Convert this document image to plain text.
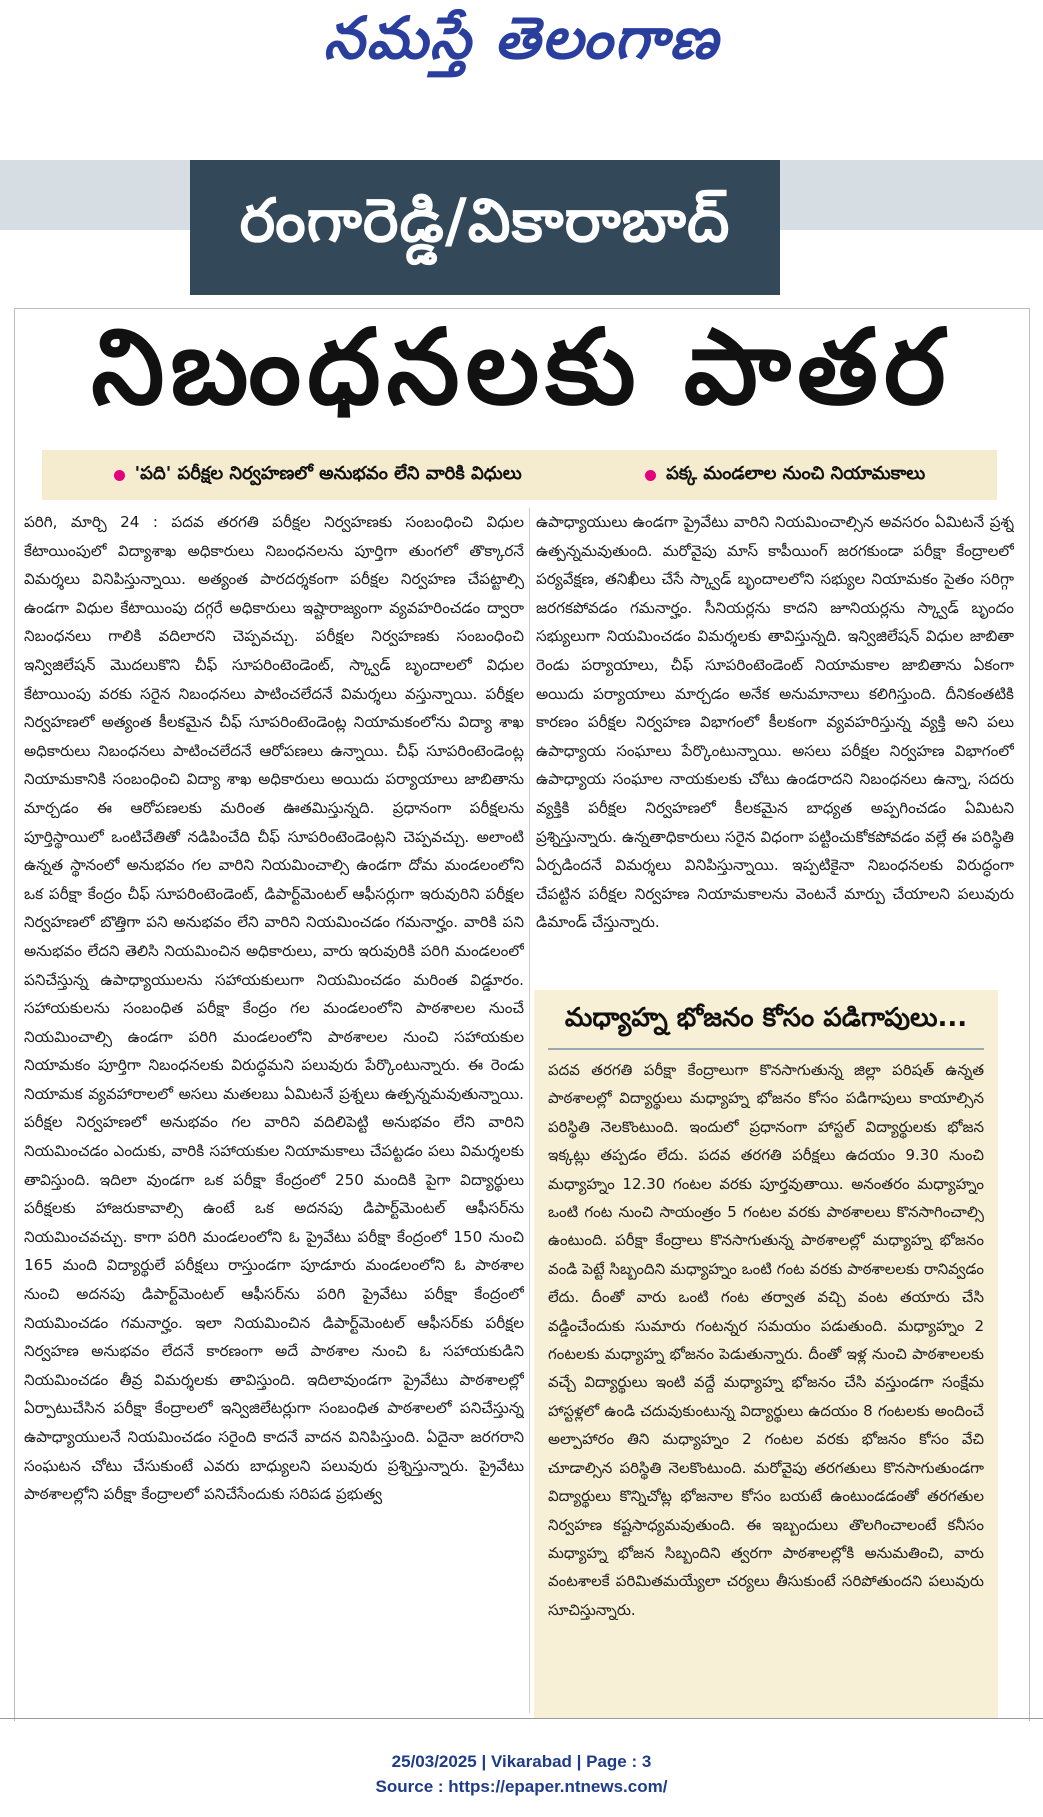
నమస్తే తెలంగాణ
రంగారెడ్డి/వికారాబాద్
నిబంధనలకు పాతర
'పది' పరీక్షల నిర్వహణలో అనుభవం లేని వారికి విధులు	పక్క మండలాల నుంచి నియామకాలు
పరిగి, మార్చి 24 : పదవ తరగతి పరీక్షల నిర్వహణకు సంబంధించి విధుల కేటాయింపులో విద్యాశాఖ అధికారులు నిబంధనలను పూర్తిగా తుంగలో తొక్కారనే విమర్శలు వినిపిస్తున్నాయి. అత్యంత పారదర్శకంగా పరీక్షల నిర్వహణ చేపట్టాల్సి ఉండగా విధుల కేటాయింపు దగ్గరే అధికారులు ఇష్టారాజ్యంగా వ్యవహరించడం ద్వారా నిబంధనలు గాలికి వదిలారని చెప్పవచ్చు. పరీక్షల నిర్వహణకు సంబంధించి ఇన్విజిలేషన్ మొదలుకొని చీఫ్ సూపరింటెండెంట్, స్క్వాడ్ బృందాలలో విధుల కేటాయింపు వరకు సరైన నిబంధనలు పాటించలేదనే విమర్శలు వస్తున్నాయి. పరీక్షల నిర్వహణలో అత్యంత కీలకమైన చీఫ్ సూపరింటెండెంట్ల నియామకంలోను విద్యా శాఖ అధికారులు నిబంధనలు పాటించలేదనే ఆరోపణలు ఉన్నాయి. చీఫ్ సూపరింటెండెంట్ల నియామకానికి సంబంధించి విద్యా శాఖ అధికారులు అయిదు పర్యాయాలు జాబితాను మార్చడం ఈ ఆరోపణలకు మరింత ఊతమిస్తున్నది. ప్రధానంగా పరీక్షలను పూర్తిస్థాయిలో ఒంటిచేతితో నడిపించేది చీఫ్ సూపరింటెండెంట్లని చెప్పవచ్చు. అలాంటి ఉన్నత స్థానంలో అనుభవం గల వారిని నియమించాల్సి ఉండగా దోమ మండలంలోని ఒక పరీక్షా కేంద్రం చీఫ్ సూపరింటెండెంట్, డిపార్ట్‌మెంటల్ ఆఫీసర్లుగా ఇరువురిని పరీక్షల నిర్వహణలో బొత్తిగా పని అనుభవం లేని వారిని నియమించడం గమనార్హం. వారికి పని అనుభవం లేదని తెలిసి నియమించిన అధికారులు, వారు ఇరువురికి పరిగి మండలంలో పనిచేస్తున్న ఉపాధ్యాయులను సహాయకులుగా నియమించడం మరింత విడ్డూరం. సహాయకులను సంబంధిత పరీక్షా కేంద్రం గల మండలంలోని పాఠశాలల నుంచే నియమించాల్సి ఉండగా పరిగి మండలంలోని పాఠశాలల నుంచి సహాయకుల నియామకం పూర్తిగా నిబంధనలకు విరుద్ధమని పలువురు పేర్కొంటున్నారు. ఈ రెండు నియామక వ్యవహారాలలో అసలు మతలబు ఏమిటనే ప్రశ్నలు ఉత్పన్నమవుతున్నాయి. పరీక్షల నిర్వహణలో అనుభవం గల వారిని వదిలిపెట్టి అనుభవం లేని వారిని నియమించడం ఎందుకు, వారికి సహాయకుల నియామకాలు చేపట్టడం పలు విమర్శలకు తావిస్తుంది. ఇదిలా వుండగా ఒక పరీక్షా కేంద్రంలో 250 మందికి పైగా విద్యార్థులు పరీక్షలకు హాజరుకావాల్సి ఉంటే ఒక అదనపు డిపార్ట్‌మెంటల్ ఆఫీసర్‌ను నియమించవచ్చు. కాగా పరిగి మండలంలోని ఓ ప్రైవేటు పరీక్షా కేంద్రంలో 150 నుంచి 165 మంది విద్యార్థులే పరీక్షలు రాస్తుండగా పూడూరు మండలంలోని ఓ పాఠశాల నుంచి అదనపు డిపార్ట్‌మెంటల్ ఆఫీసర్‌ను పరిగి ప్రైవేటు పరీక్షా కేంద్రంలో నియమించడం గమనార్హం. ఇలా నియమించిన డిపార్ట్‌మెంటల్ ఆఫీసర్‌కు పరీక్షల నిర్వహణ అనుభవం లేదనే కారణంగా అదే పాఠశాల నుంచి ఓ సహాయకుడిని నియమించడం తీవ్ర విమర్శలకు తావిస్తుంది. ఇదిలావుండగా ప్రైవేటు పాఠశాలల్లో ఏర్పాటుచేసిన పరీక్షా కేంద్రాలలో ఇన్విజిలేటర్లుగా సంబంధిత పాఠశాలలో పనిచేస్తున్న ఉపాధ్యాయులనే నియమించడం సరైంది కాదనే వాదన వినిపిస్తుంది. ఏదైనా జరగరాని సంఘటన చోటు చేసుకుంటే ఎవరు బాధ్యులని పలువురు ప్రశ్నిస్తున్నారు. ప్రైవేటు పాఠశాలల్లోని పరీక్షా కేంద్రాలలో పనిచేసేందుకు సరిపడ ప్రభుత్వ
ఉపాధ్యాయులు ఉండగా ప్రైవేటు వారిని నియమించాల్సిన అవసరం ఏమిటనే ప్రశ్న ఉత్పన్నమవుతుంది. మరోవైపు మాస్ కాపీయింగ్ జరగకుండా పరీక్షా కేంద్రాలలో పర్యవేక్షణ, తనిఖీలు చేసే స్క్వాడ్ బృందాలలోని సభ్యుల నియామకం సైతం సరిగ్గా జరగకపోవడం గమనార్హం. సీనియర్లను కాదని జూనియర్లను స్క్వాడ్ బృందం సభ్యులుగా నియమించడం విమర్శలకు తావిస్తున్నది. ఇన్విజిలేషన్ విధుల జాబితా రెండు పర్యాయాలు, చీఫ్ సూపరింటెండెంట్ నియామకాల జాబితాను ఏకంగా అయిదు పర్యాయాలు మార్చడం అనేక అనుమానాలు కలిగిస్తుంది. దీనికంతటికి కారణం పరీక్షల నిర్వహణ విభాగంలో కీలకంగా వ్యవహరిస్తున్న వ్యక్తి అని పలు ఉపాధ్యాయ సంఘాలు పేర్కొంటున్నాయి. అసలు పరీక్షల నిర్వహణ విభాగంలో ఉపాధ్యాయ సంఘాల నాయకులకు చోటు ఉండరాదని నిబంధనలు ఉన్నా, సదరు వ్యక్తికి పరీక్షల నిర్వహణలో కీలకమైన బాధ్యత అప్పగించడం ఏమిటని ప్రశ్నిస్తున్నారు. ఉన్నతాధికారులు సరైన విధంగా పట్టించుకోకపోవడం వల్లే ఈ పరిస్థితి ఏర్పడిందనే విమర్శలు వినిపిస్తున్నాయి. ఇప్పటికైనా నిబంధనలకు విరుద్ధంగా చేపట్టిన పరీక్షల నిర్వహణ నియామకాలను వెంటనే మార్పు చేయాలని పలువురు డిమాండ్ చేస్తున్నారు.
మధ్యాహ్న భోజనం కోసం పడిగాపులు...
పదవ తరగతి పరీక్షా కేంద్రాలుగా కొనసాగుతున్న జిల్లా పరిషత్ ఉన్నత పాఠశాలల్లో విద్యార్థులు మధ్యాహ్న భోజనం కోసం పడిగాపులు కాయాల్సిన పరిస్థితి నెలకొంటుంది. ఇందులో ప్రధానంగా హాస్టల్ విద్యార్థులకు భోజన ఇక్కట్లు తప్పడం లేదు. పదవ తరగతి పరీక్షలు ఉదయం 9.30 నుంచి మధ్యాహ్నం 12.30 గంటల వరకు పూర్తవుతాయి. అనంతరం మధ్యాహ్నం ఒంటి గంట నుంచి సాయంత్రం 5 గంటల వరకు పాఠశాలలు కొనసాగించాల్సి ఉంటుంది. పరీక్షా కేంద్రాలు కొనసాగుతున్న పాఠశాలల్లో మధ్యాహ్న భోజనం వండి పెట్టే సిబ్బందిని మధ్యాహ్నం ఒంటి గంట వరకు పాఠశాలలకు రానివ్వడం లేదు. దీంతో వారు ఒంటి గంట తర్వాత వచ్చి వంట తయారు చేసి వడ్డించేందుకు సుమారు గంటన్నర సమయం పడుతుంది. మధ్యాహ్నం 2 గంటలకు మధ్యాహ్న భోజనం పెడుతున్నారు. దీంతో ఇళ్ల నుంచి పాఠశాలలకు వచ్చే విద్యార్థులు ఇంటి వద్దే మధ్యాహ్న భోజనం చేసి వస్తుండగా సంక్షేమ హాస్టళ్లలో ఉండి చదువుకుంటున్న విద్యార్థులు ఉదయం 8 గంటలకు అందించే అల్పాహారం తిని మధ్యాహ్నం 2 గంటల వరకు భోజనం కోసం వేచి చూడాల్సిన పరిస్థితి నెలకొంటుంది. మరోవైపు తరగతులు కొనసాగుతుండగా విద్యార్థులు కొన్నిచోట్ల భోజనాల కోసం బయటే ఉంటుండడంతో తరగతుల నిర్వహణ కష్టసాధ్యమవుతుంది. ఈ ఇబ్బందులు తొలగించాలంటే కనీసం మధ్యాహ్న భోజన సిబ్బందిని త్వరగా పాఠశాలల్లోకి అనుమతించి, వారు వంటశాలకే పరిమితమయ్యేలా చర్యలు తీసుకుంటే సరిపోతుందని పలువురు సూచిస్తున్నారు.
25/03/2025 | Vikarabad | Page : 3
Source : https://epaper.ntnews.com/
